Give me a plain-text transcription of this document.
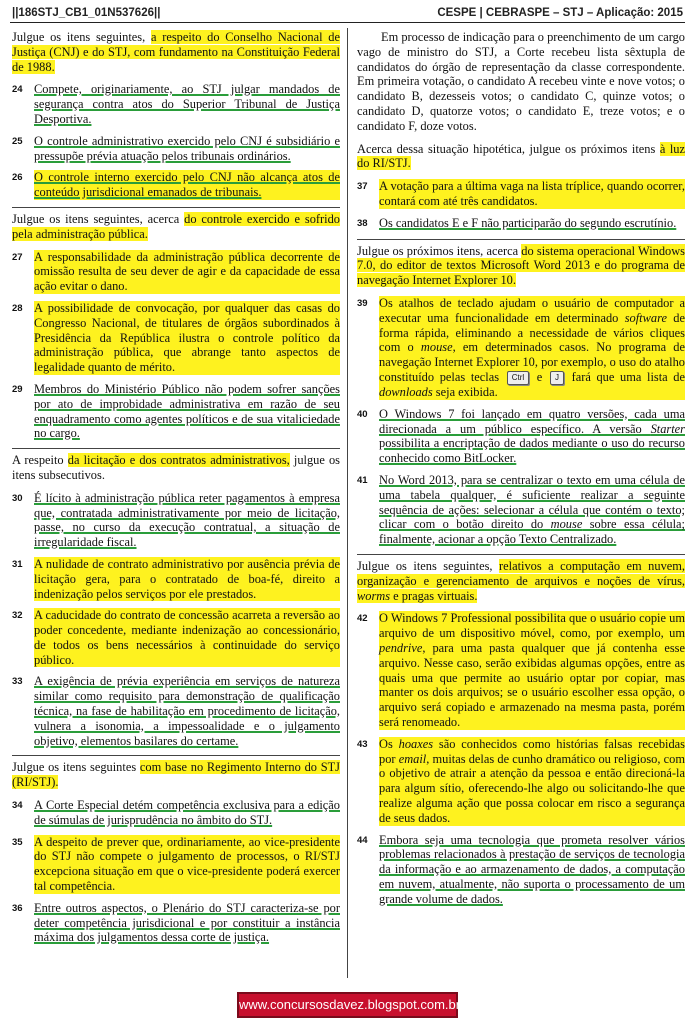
||186STJ_CB1_01N537626||	CESPE | CEBRASPE – STJ – Aplicação: 2015

Julgue os itens seguintes, a respeito do Conselho Nacional de Justiça (CNJ) e do STJ, com fundamento na Constituição Federal de 1988.

24 Compete, originariamente, ao STJ julgar mandados de segurança contra atos do Superior Tribunal de Justiça Desportiva.
25 O controle administrativo exercido pelo CNJ é subsidiário e pressupõe prévia atuação pelos tribunais ordinários.
26 O controle interno exercido pelo CNJ não alcança atos de conteúdo jurisdicional emanados de tribunais.

Julgue os itens seguintes, acerca do controle exercido e sofrido pela administração pública.

27 A responsabilidade da administração pública decorrente de omissão resulta de seu dever de agir e da capacidade de essa ação evitar o dano.
28 A possibilidade de convocação, por qualquer das casas do Congresso Nacional, de titulares de órgãos subordinados à Presidência da República ilustra o controle político da administração pública, que abrange tanto aspectos de legalidade quanto de mérito.
29 Membros do Ministério Público não podem sofrer sanções por ato de improbidade administrativa em razão de seu enquadramento como agentes políticos e de sua vitaliciedade no cargo.

A respeito da licitação e dos contratos administrativos, julgue os itens subsecutivos.

30 É lícito à administração pública reter pagamentos à empresa que, contratada administrativamente por meio de licitação, passe, no curso da execução contratual, a situação de irregularidade fiscal.
31 A nulidade de contrato administrativo por ausência prévia de licitação gera, para o contratado de boa-fé, direito a indenização pelos serviços por ele prestados.
32 A caducidade do contrato de concessão acarreta a reversão ao poder concedente, mediante indenização ao concessionário, de todos os bens necessários à continuidade do serviço público.
33 A exigência de prévia experiência em serviços de natureza similar como requisito para demonstração de qualificação técnica, na fase de habilitação em procedimento de licitação, vulnera a isonomia, a impessoalidade e o julgamento objetivo, elementos basilares do certame.

Julgue os itens seguintes com base no Regimento Interno do STJ (RI/STJ).

34 A Corte Especial detém competência exclusiva para a edição de súmulas de jurisprudência no âmbito do STJ.
35 A despeito de prever que, ordinariamente, ao vice-presidente do STJ não compete o julgamento de processos, o RI/STJ excepciona situação em que o vice-presidente poderá exercer tal competência.
36 Entre outros aspectos, o Plenário do STJ caracteriza-se por deter competência jurisdicional e por constituir a instância máxima dos julgamentos dessa corte de justiça.

Em processo de indicação para o preenchimento de um cargo vago de ministro do STJ, a Corte recebeu lista sêxtupla de candidatos do órgão de representação da classe correspondente. Em primeira votação, o candidato A recebeu vinte e nove votos; o candidato B, dezesseis votos; o candidato C, quinze votos; o candidato D, quatorze votos; o candidato E, treze votos; e o candidato F, doze votos.

Acerca dessa situação hipotética, julgue os próximos itens à luz do RI/STJ.

37 A votação para a última vaga na lista tríplice, quando ocorrer, contará com até três candidatos.
38 Os candidatos E e F não participarão do segundo escrutínio.

Julgue os próximos itens, acerca do sistema operacional Windows 7.0, do editor de textos Microsoft Word 2013 e do programa de navegação Internet Explorer 10.

39 Os atalhos de teclado ajudam o usuário de computador a executar uma funcionalidade em determinado software de forma rápida, eliminando a necessidade de vários cliques com o mouse, em determinados casos. No programa de navegação Internet Explorer 10, por exemplo, o uso do atalho constituído pelas teclas Ctrl e J fará que uma lista de downloads seja exibida.
40 O Windows 7 foi lançado em quatro versões, cada uma direcionada a um público específico. A versão Starter possibilita a encriptação de dados mediante o uso do recurso conhecido como BitLocker.
41 No Word 2013, para se centralizar o texto em uma célula de uma tabela qualquer, é suficiente realizar a seguinte sequência de ações: selecionar a célula que contém o texto; clicar com o botão direito do mouse sobre essa célula; finalmente, acionar a opção Texto Centralizado.

Julgue os itens seguintes, relativos a computação em nuvem, organização e gerenciamento de arquivos e noções de vírus, worms e pragas virtuais.

42 O Windows 7 Professional possibilita que o usuário copie um arquivo de um dispositivo móvel, como, por exemplo, um pendrive, para uma pasta qualquer que já contenha esse arquivo. Nesse caso, serão exibidas algumas opções, entre as quais uma que permite ao usuário optar por copiar, mas manter os dois arquivos; se o usuário escolher essa opção, o arquivo será copiado e armazenado na mesma pasta, porém será renomeado.
43 Os hoaxes são conhecidos como histórias falsas recebidas por email, muitas delas de cunho dramático ou religioso, com o objetivo de atrair a atenção da pessoa e então direcioná-la para algum sítio, oferecendo-lhe algo ou solicitando-lhe que realize alguma ação que possa colocar em risco a segurança de seus dados.
44 Embora seja uma tecnologia que prometa resolver vários problemas relacionados à prestação de serviços de tecnologia da informação e ao armazenamento de dados, a computação em nuvem, atualmente, não suporta o processamento de um grande volume de dados.
www.concursosdavez.blogspot.com.br
